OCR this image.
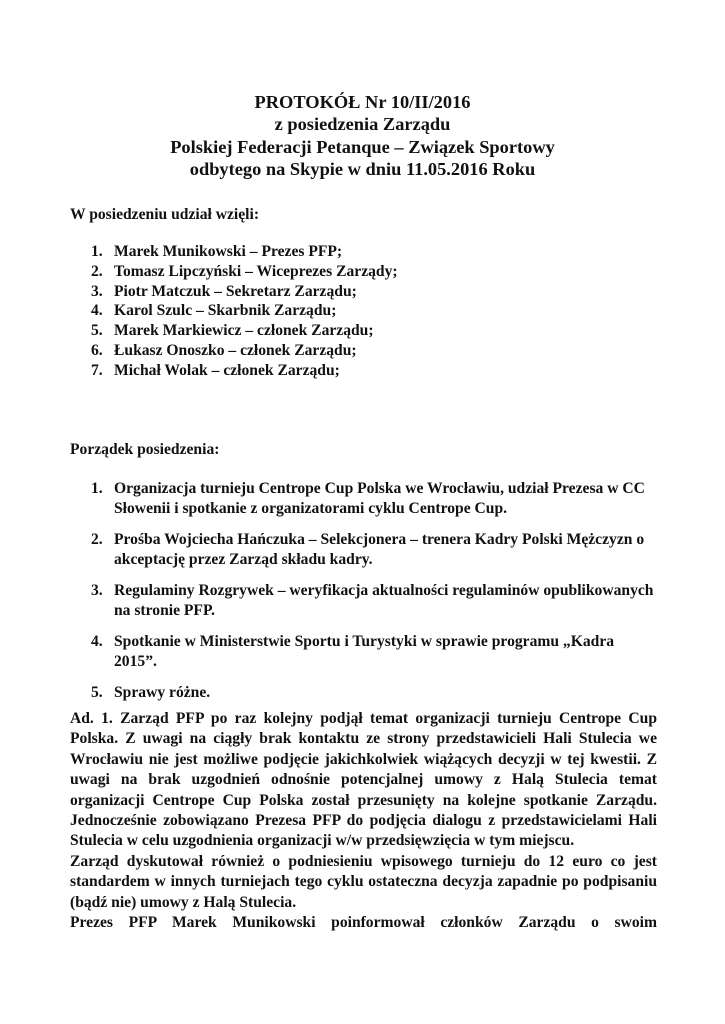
PROTOKÓŁ Nr 10/II/2016
z posiedzenia Zarządu
Polskiej Federacji Petanque – Związek Sportowy
odbytego na Skypie w dniu 11.05.2016 Roku
W posiedzeniu udział wzięli:
1. Marek Munikowski – Prezes PFP;
2. Tomasz Lipczyński – Wiceprezes Zarządy;
3. Piotr Matczuk – Sekretarz Zarządu;
4. Karol Szulc – Skarbnik Zarządu;
5. Marek Markiewicz – członek Zarządu;
6. Łukasz Onoszko – członek Zarządu;
7. Michał Wolak – członek Zarządu;
Porządek posiedzenia:
1. Organizacja turnieju Centrope Cup Polska we Wrocławiu, udział Prezesa w CC Słowenii i spotkanie z organizatorami cyklu Centrope Cup.
2. Prośba Wojciecha Hańczuka – Selekcjonera – trenera Kadry Polski Mężczyzn o akceptację przez Zarząd składu kadry.
3. Regulaminy Rozgrywek – weryfikacja aktualności regulaminów opublikowanych na stronie PFP.
4. Spotkanie w Ministerstwie Sportu i Turystyki w sprawie programu „Kadra 2015”.
5. Sprawy różne.

Ad. 1. Zarząd PFP po raz kolejny podjął temat organizacji turnieju Centrope Cup Polska. Z uwagi na ciągły brak kontaktu ze strony przedstawicieli Hali Stulecia we Wrocławiu nie jest możliwe podjęcie jakichkolwiek wiążących decyzji w tej kwestii. Z uwagi na brak uzgodnień odnośnie potencjalnej umowy z Halą Stulecia temat organizacji Centrope Cup Polska został przesunięty na kolejne spotkanie Zarządu. Jednocześnie zobowiązano Prezesa PFP do podjęcia dialogu z przedstawicielami Hali Stulecia w celu uzgodnienia organizacji w/w przedsięwzięcia w tym miejscu.

Zarząd dyskutował również o podniesieniu wpisowego turnieju do 12 euro co jest standardem w innych turniejach tego cyklu ostateczna decyzja zapadnie po podpisaniu (bądź nie) umowy z Halą Stulecia.

Prezes PFP Marek Munikowski poinformował członków Zarządu o swoim
